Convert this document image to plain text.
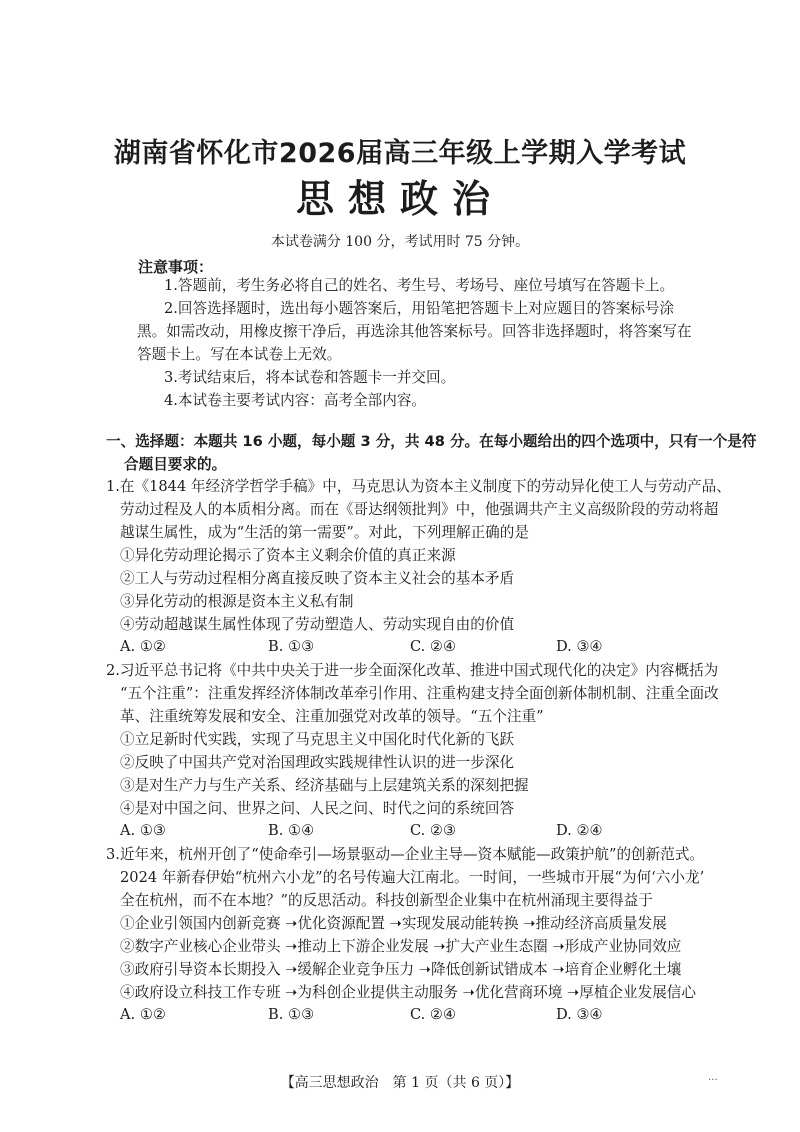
湖南省怀化市2026届高三年级上学期入学考试
思想政治
本试卷满分 100 分，考试用时 75 分钟。
注意事项：
1.答题前，考生务必将自己的姓名、考生号、考场号、座位号填写在答题卡上。
2.回答选择题时，选出每小题答案后，用铅笔把答题卡上对应题目的答案标号涂
黑。如需改动，用橡皮擦干净后，再选涂其他答案标号。回答非选择题时，将答案写在
答题卡上。写在本试卷上无效。
3.考试结束后，将本试卷和答题卡一并交回。
4.本试卷主要考试内容：高考全部内容。
一、选择题：本题共 16 小题，每小题 3 分，共 48 分。在每小题给出的四个选项中，只有一个是符
合题目要求的。
1.在《1844 年经济学哲学手稿》中，马克思认为资本主义制度下的劳动异化使工人与劳动产品、
劳动过程及人的本质相分离。而在《哥达纲领批判》中，他强调共产主义高级阶段的劳动将超
越谋生属性，成为“生活的第一需要”。对此，下列理解正确的是
①异化劳动理论揭示了资本主义剩余价值的真正来源
②工人与劳动过程相分离直接反映了资本主义社会的基本矛盾
③异化劳动的根源是资本主义私有制
④劳动超越谋生属性体现了劳动塑造人、劳动实现自由的价值
A. ①②	B. ①③	C. ②④	D. ③④
2.习近平总书记将《中共中央关于进一步全面深化改革、推进中国式现代化的决定》内容概括为
“五个注重”：注重发挥经济体制改革牵引作用、注重构建支持全面创新体制机制、注重全面改
革、注重统筹发展和安全、注重加强党对改革的领导。“五个注重”
①立足新时代实践，实现了马克思主义中国化时代化新的飞跃
②反映了中国共产党对治国理政实践规律性认识的进一步深化
③是对生产力与生产关系、经济基础与上层建筑关系的深刻把握
④是对中国之问、世界之问、人民之问、时代之问的系统回答
A. ①③	B. ①④	C. ②③	D. ②④
3.近年来，杭州开创了“使命牵引—场景驱动—企业主导—资本赋能—政策护航”的创新范式。
2024 年新春伊始“杭州六小龙”的名号传遍大江南北。一时间，一些城市开展“为何‘六小龙’
全在杭州，而不在本地？”的反思活动。科技创新型企业集中在杭州涌现主要得益于
①企业引领国内创新竞赛 ➝优化资源配置 ➝实现发展动能转换 ➝推动经济高质量发展
②数字产业核心企业带头 ➝推动上下游企业发展 ➝扩大产业生态圈 ➝形成产业协同效应
③政府引导资本长期投入 ➝缓解企业竞争压力 ➝降低创新试错成本 ➝培育企业孵化土壤
④政府设立科技工作专班 ➝为科创企业提供主动服务 ➝优化营商环境 ➝厚植企业发展信心
A. ①②	B. ①③	C. ②④	D. ③④
【高三思想政治　第 1 页（共 6 页）】	...
